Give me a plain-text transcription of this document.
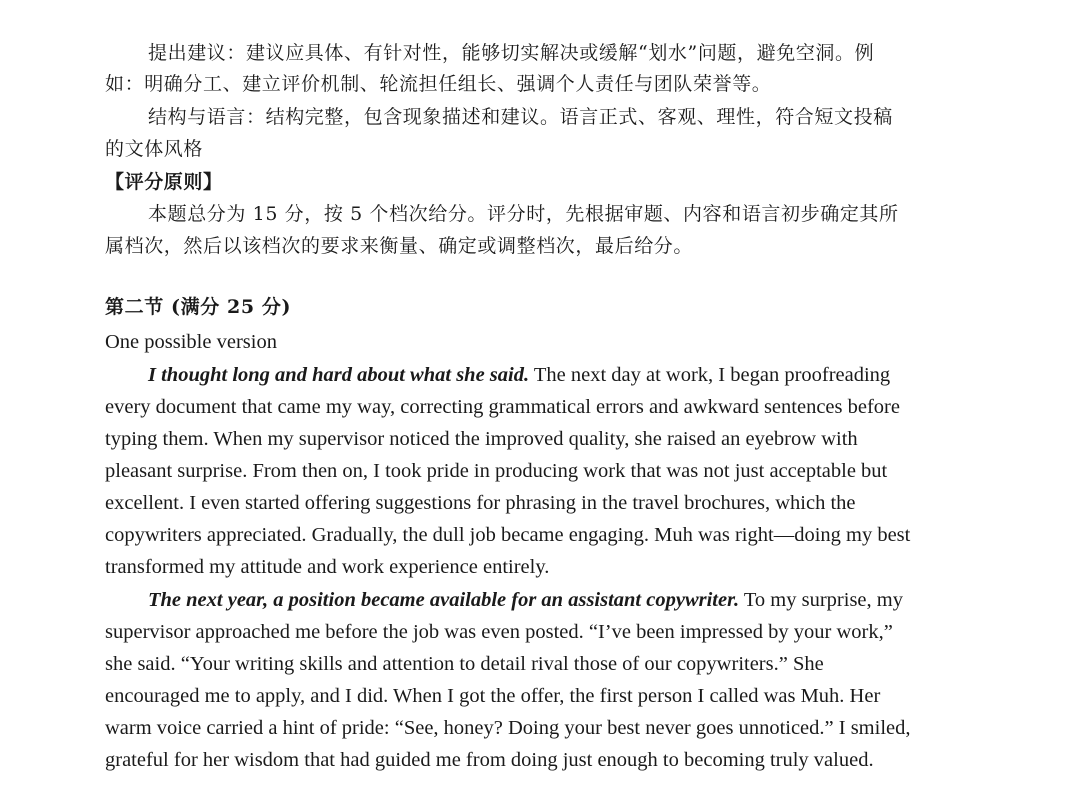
提出建议：建议应具体、有针对性，能够切实解决或缓解“划水”问题，避免空洞。例
如：明确分工、建立评价机制、轮流担任组长、强调个人责任与团队荣誉等。
结构与语言：结构完整，包含现象描述和建议。语言正式、客观、理性，符合短文投稿
的文体风格
【评分原则】
本题总分为 15 分，按 5 个档次给分。评分时，先根据审题、内容和语言初步确定其所
属档次，然后以该档次的要求来衡量、确定或调整档次，最后给分。
第二节 (满分 25 分)
One possible version
I thought long and hard about what she said. The next day at work, I began proofreading
every document that came my way, correcting grammatical errors and awkward sentences before
typing them. When my supervisor noticed the improved quality, she raised an eyebrow with
pleasant surprise. From then on, I took pride in producing work that was not just acceptable but
excellent. I even started offering suggestions for phrasing in the travel brochures, which the
copywriters appreciated. Gradually, the dull job became engaging. Muh was right—doing my best
transformed my attitude and work experience entirely.
The next year, a position became available for an assistant copywriter. To my surprise, my
supervisor approached me before the job was even posted. “I’ve been impressed by your work,”
she said. “Your writing skills and attention to detail rival those of our copywriters.” She
encouraged me to apply, and I did. When I got the offer, the first person I called was Muh. Her
warm voice carried a hint of pride: “See, honey? Doing your best never goes unnoticed.” I smiled,
grateful for her wisdom that had guided me from doing just enough to becoming truly valued.
